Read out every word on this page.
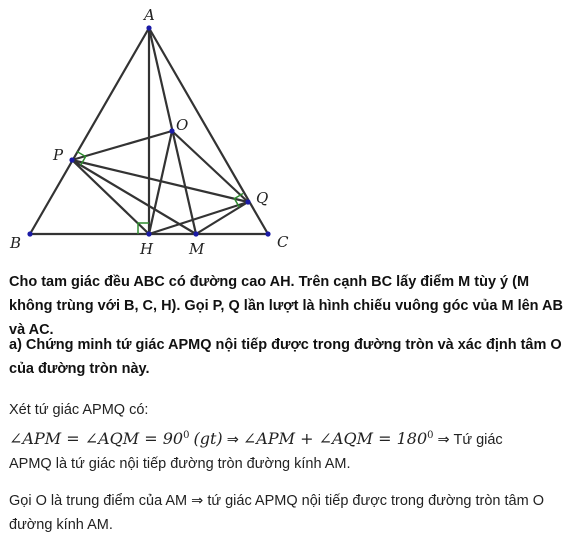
A
B	C
H M
O
P
Q

Cho tam giác đều ABC có đường cao AH. Trên cạnh BC lấy điểm M tùy ý (M không trùng với B, C, H). Gọi P, Q lần lượt là hình chiếu vuông góc vủa M lên AB và AC.

a) Chứng minh tứ giác APMQ nội tiếp được trong đường tròn và xác định tâm O của đường tròn này.

Xét tứ giác APMQ có:

∠APM = ∠AQM = $90^0$ (gt) ⇒ ∠APM + ∠AQM = $180^0$ ⇒ Tứ giác

APMQ là tứ giác nội tiếp đường tròn đường kính AM.

Gọi O là trung điểm của AM ⇒ tứ giác APMQ nội tiếp được trong đường tròn tâm O đường kính AM.
